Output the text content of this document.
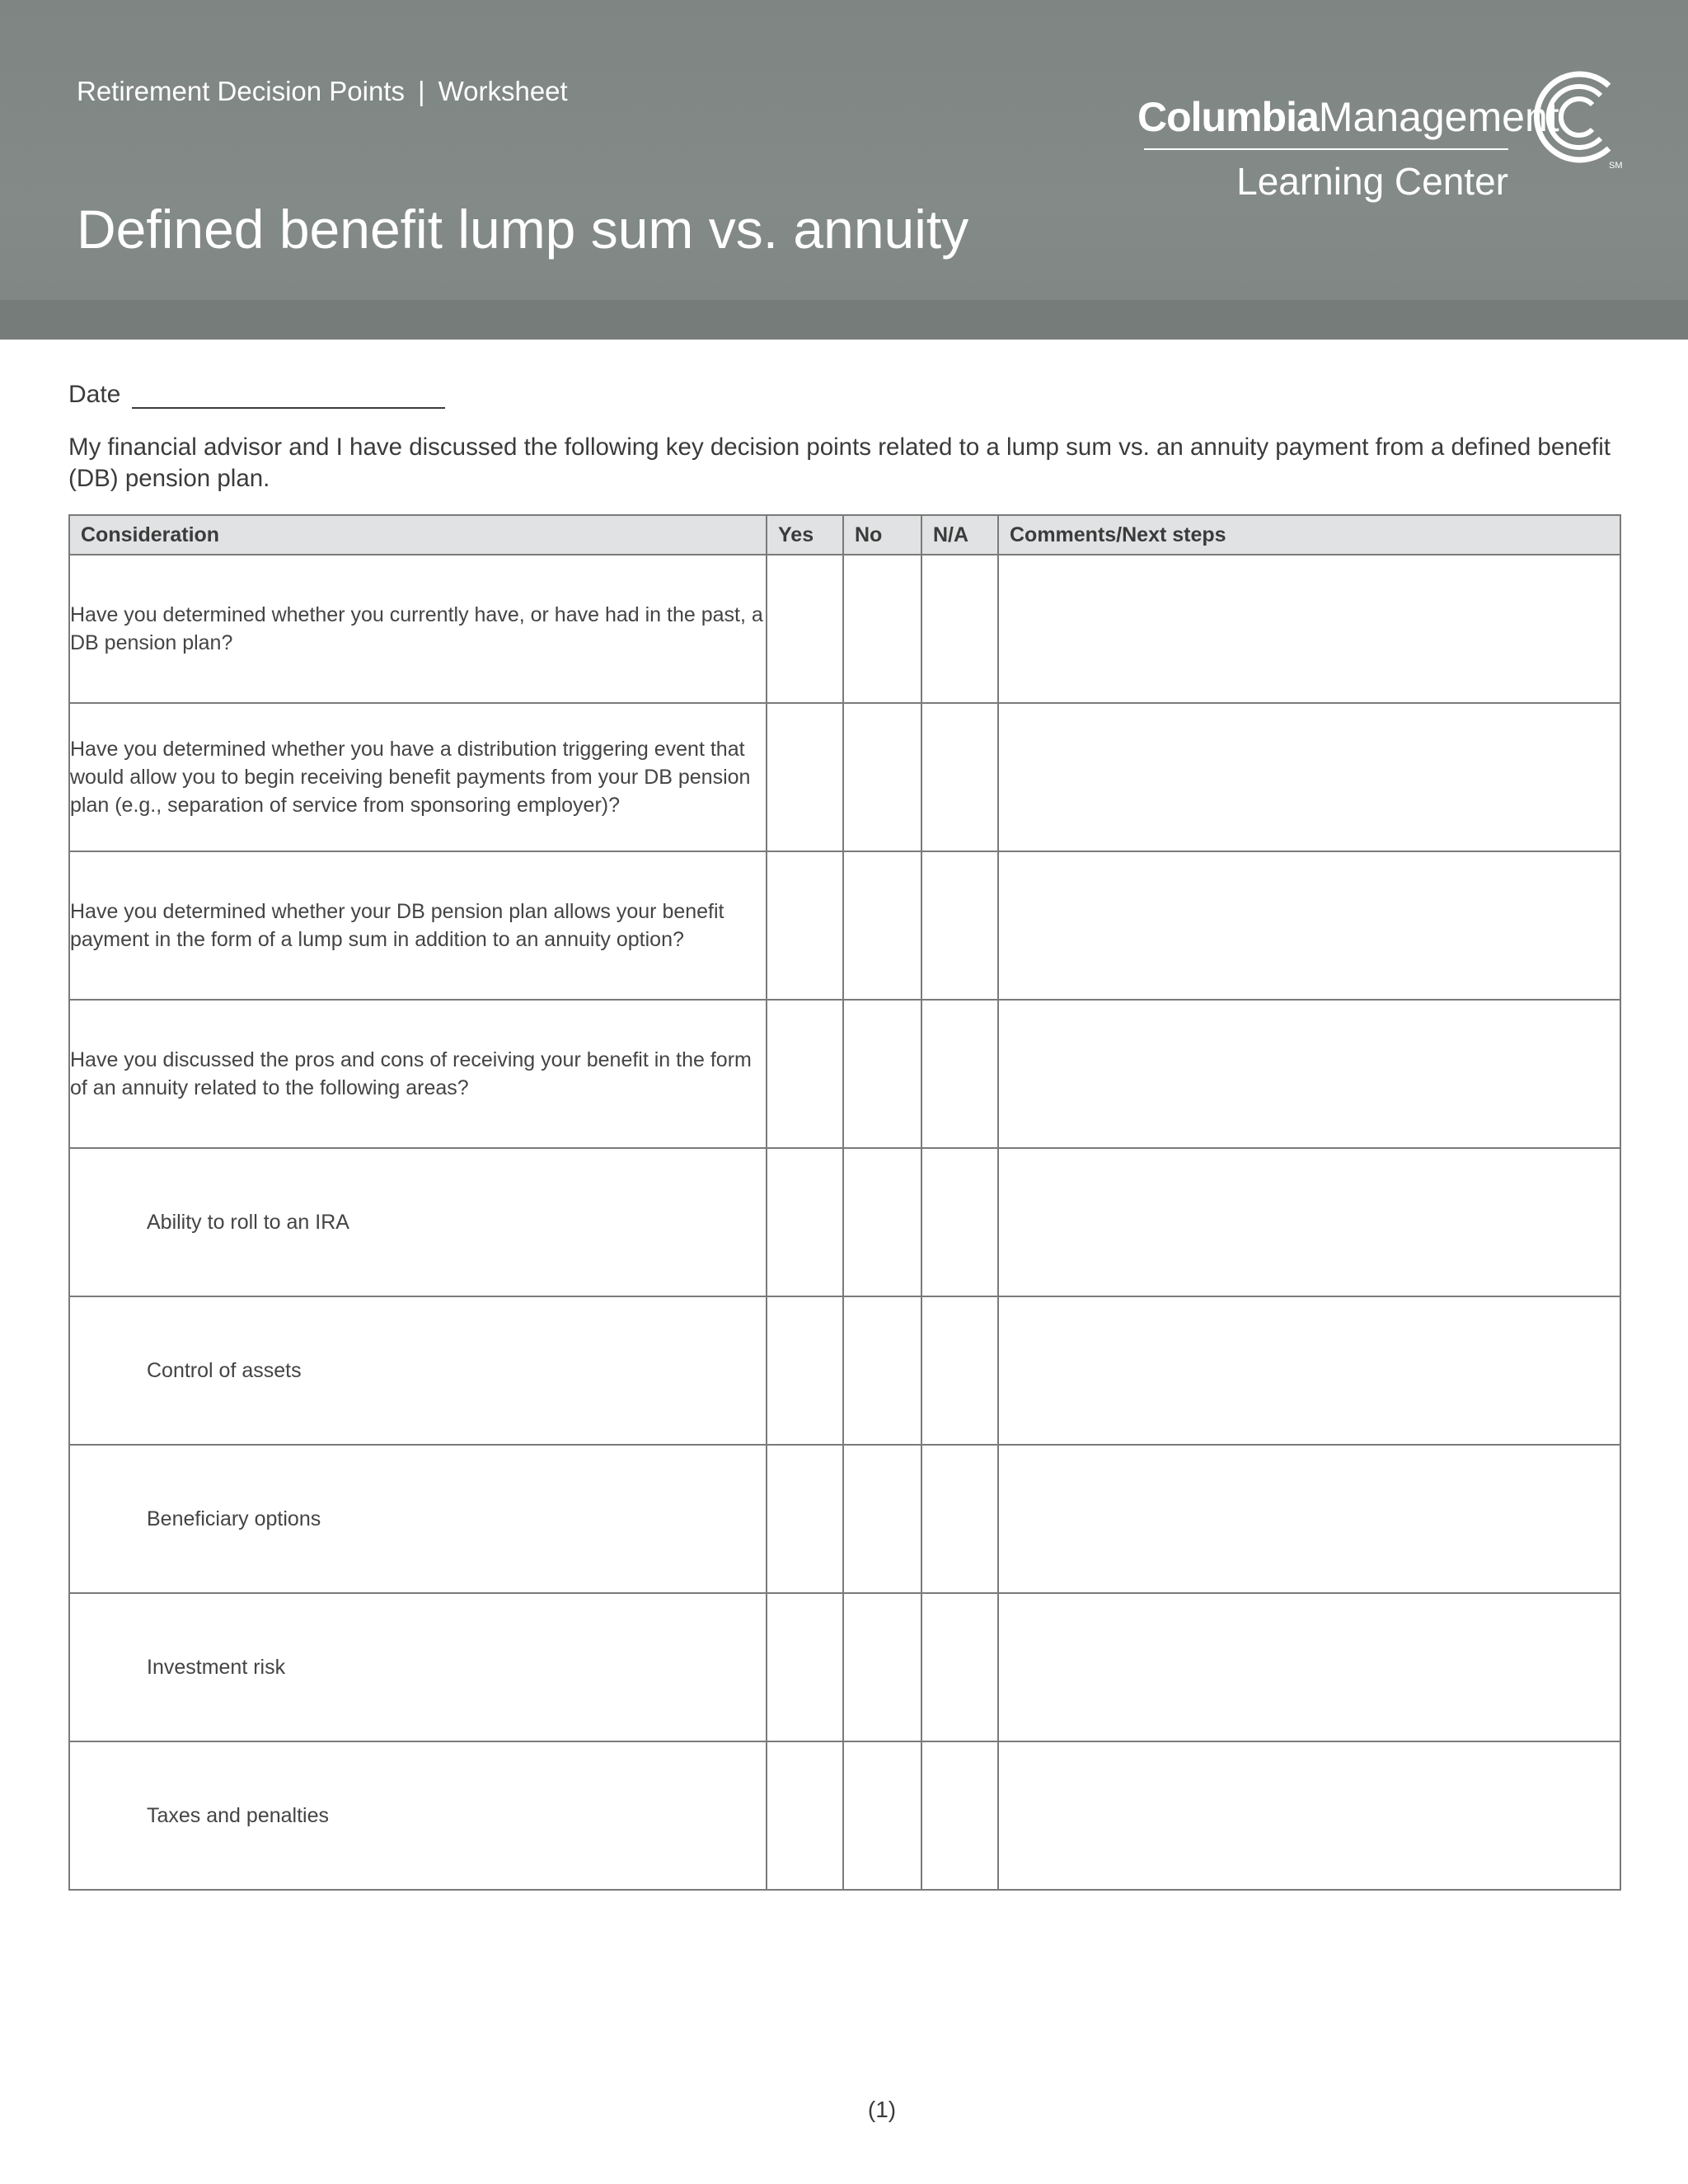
Retirement Decision Points | Worksheet
Defined benefit lump sum vs. annuity
ColumbiaManagement
Learning Center	SM
Date
My financial advisor and I have discussed the following key decision points related to a lump sum vs. an annuity payment from a defined benefit (DB) pension plan.
Consideration	Yes	No	N/A	Comments/Next steps
Have you determined whether you currently have, or have had in the past, a DB pension plan?				
Have you determined whether you have a distribution triggering event that would allow you to begin receiving benefit payments from your DB pension plan (e.g., separation of service from sponsoring employer)?				
Have you determined whether your DB pension plan allows your benefit payment in the form of a lump sum in addition to an annuity option?				
Have you discussed the pros and cons of receiving your benefit in the form of an annuity related to the following areas?				
Ability to roll to an IRA				
Control of assets				
Beneficiary options				
Investment risk				
Taxes and penalties				
(1)
